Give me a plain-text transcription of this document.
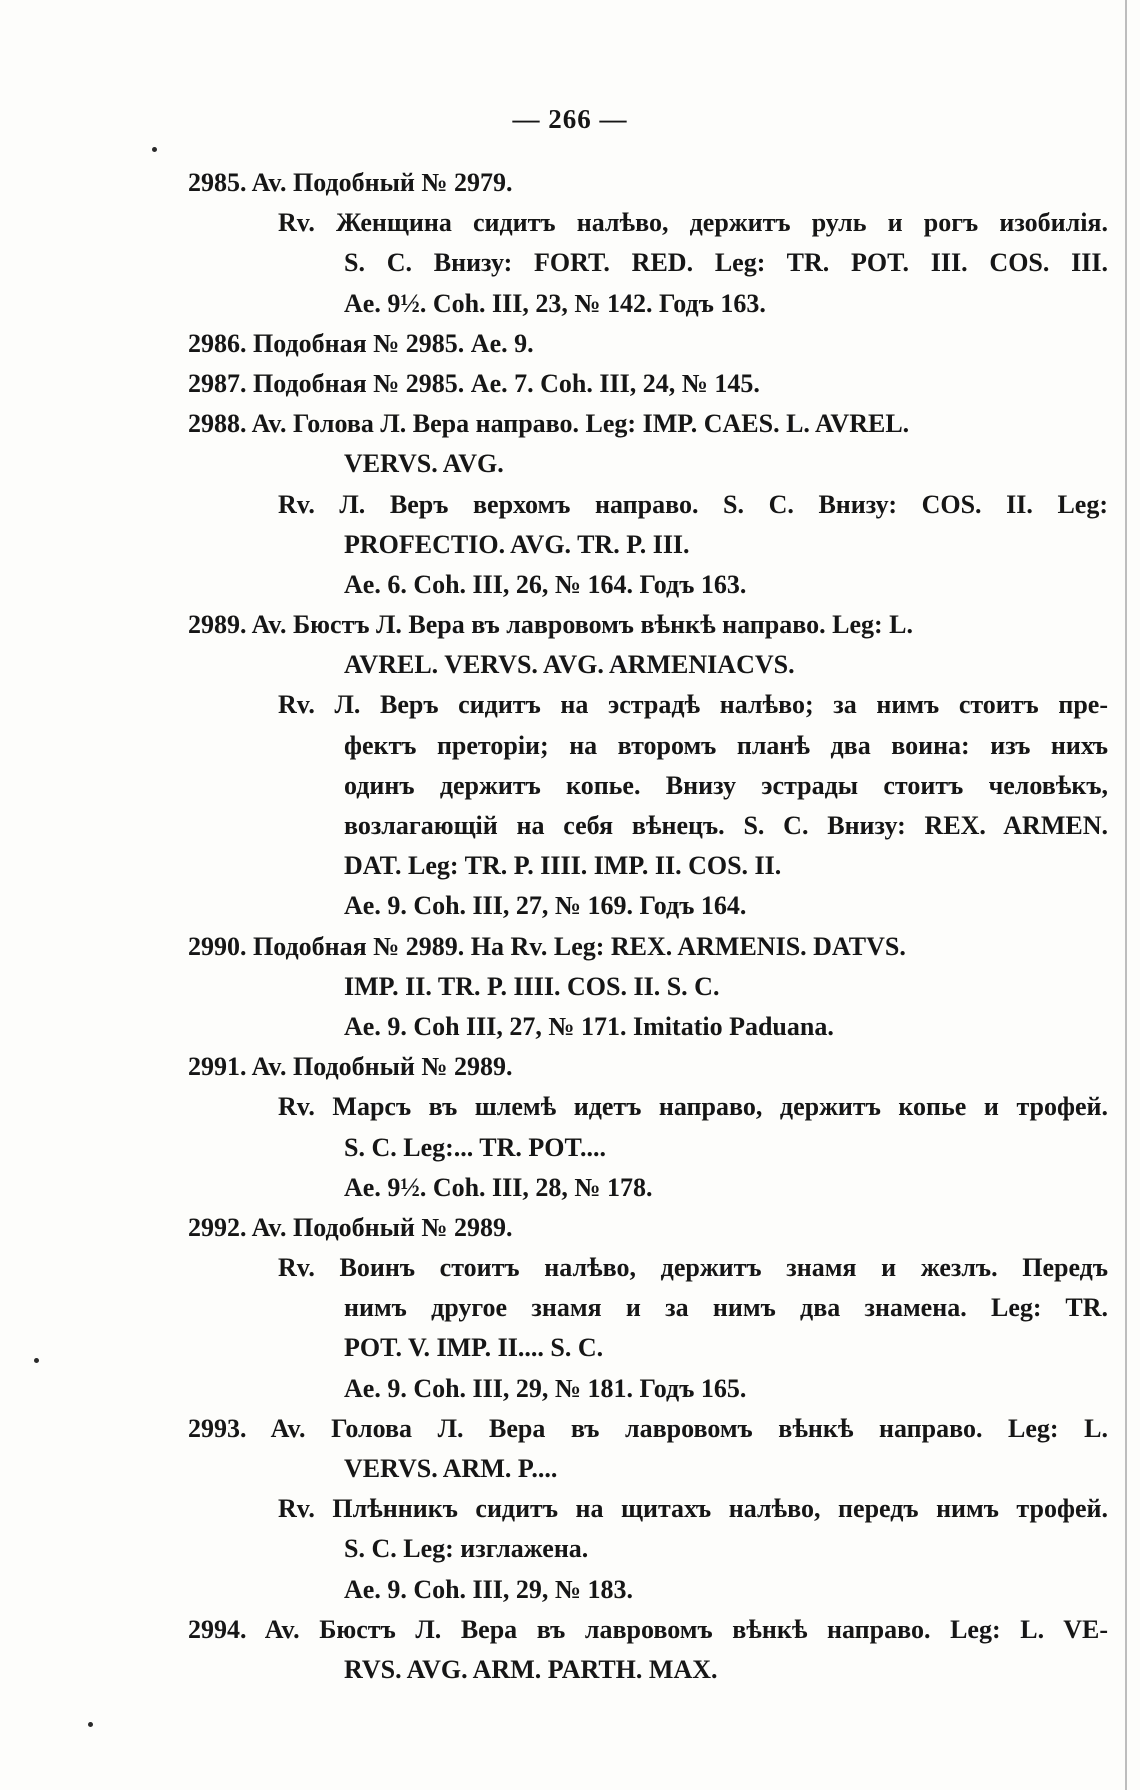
— 266 —
2985. Av. Подобный № 2979.
Rv. Женщина сидитъ налѣво, держитъ руль и рогъ изобилія.
S. C. Внизу: FORT. RED. Leg: TR. POT. III. COS. III.
Ae. 9½. Coh. III, 23, № 142. Годъ 163.
2986. Подобная № 2985. Ae. 9.
2987. Подобная № 2985. Ae. 7. Coh. III, 24, № 145.
2988. Av. Голова Л. Вера направо. Leg: IMP. CAES. L. AVREL.
VERVS. AVG.
Rv. Л. Веръ верхомъ направо. S. C. Внизу: COS. II. Leg:
PROFECTIO. AVG. TR. P. III.
Ae. 6. Coh. III, 26, № 164. Годъ 163.
2989. Av. Бюстъ Л. Вера въ лавровомъ вѣнкѣ направо. Leg: L.
AVREL. VERVS. AVG. ARMENIACVS.
Rv. Л. Веръ сидитъ на эстрадѣ налѣво; за нимъ стоитъ пре-
фектъ преторіи; на второмъ планѣ два воина: изъ нихъ
одинъ держитъ копье. Внизу эстрады стоитъ человѣкъ,
возлагающій на себя вѣнецъ. S. C. Внизу: REX. ARMEN.
DAT. Leg: TR. P. IIII. IMP. II. COS. II.
Ae. 9. Coh. III, 27, № 169. Годъ 164.
2990. Подобная № 2989. На Rv. Leg: REX. ARMENIS. DATVS.
IMP. II. TR. P. IIII. COS. II. S. C.
Ae. 9. Coh III, 27, № 171. Imitatio Paduana.
2991. Av. Подобный № 2989.
Rv. Марсъ въ шлемѣ идетъ направо, держитъ копье и трофей.
S. C. Leg:... TR. POT....
Ae. 9½. Coh. III, 28, № 178.
2992. Av. Подобный № 2989.
Rv. Воинъ стоитъ налѣво, держитъ знамя и жезлъ. Передъ
нимъ другое знамя и за нимъ два знамена. Leg: TR.
POT. V. IMP. II.... S. C.
Ae. 9. Coh. III, 29, № 181. Годъ 165.
2993. Av. Голова Л. Вера въ лавровомъ вѣнкѣ направо. Leg: L.
VERVS. ARM. P....
Rv. Плѣнникъ сидитъ на щитахъ налѣво, передъ нимъ трофей.
S. C. Leg: изглажена.
Ae. 9. Coh. III, 29, № 183.
2994. Av. Бюстъ Л. Вера въ лавровомъ вѣнкѣ направо. Leg: L. VE-
RVS. AVG. ARM. PARTH. MAX.
